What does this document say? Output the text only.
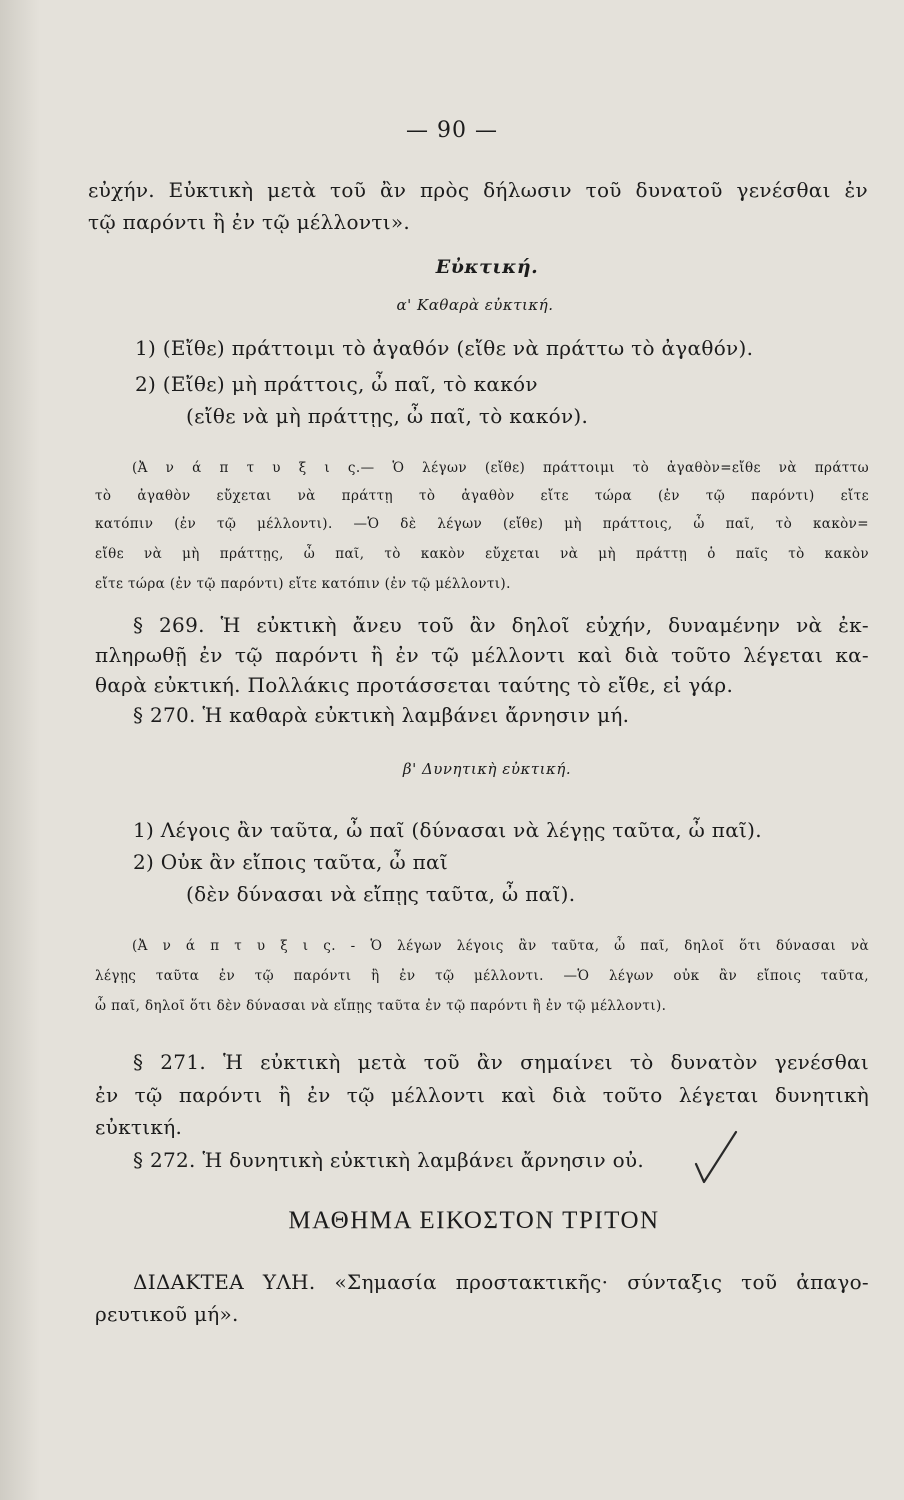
— 90 —
εὐχήν. Εὐκτικὴ μετὰ τοῦ ἂν πρὸς δήλωσιν τοῦ δυνατοῦ γενέσθαι ἐν
τῷ παρόντι ἢ ἐν τῷ μέλλοντι».
Εὐκτική.
α' Καθαρὰ εὐκτική.
1) (Εἴθε) πράττοιμι τὸ ἀγαθόν (εἴθε νὰ πράττω τὸ ἀγαθόν).
2) (Εἴθε) μὴ πράττοις, ὦ παῖ, τὸ κακόν
(εἴθε νὰ μὴ πράττῃς, ὦ παῖ, τὸ κακόν).
(Ἀ ν ά π τ υ ξ ι ς.— Ὁ λέγων (εἴθε) πράττοιμι τὸ ἀγαθὸν=εἴθε νὰ πράττω
τὸ ἀγαθὸν εὔχεται νὰ πράττῃ τὸ ἀγαθὸν εἴτε τώρα (ἐν τῷ παρόντι) εἴτε
κατόπιν (ἐν τῷ μέλλοντι). —Ὁ δὲ λέγων (εἴθε) μὴ πράττοις, ὦ παῖ, τὸ κακὸν=
εἴθε νὰ μὴ πράττῃς, ὦ παῖ, τὸ κακὸν εὔχεται νὰ μὴ πράττῃ ὁ παῖς τὸ κακὸν
εἴτε τώρα (ἐν τῷ παρόντι) εἴτε κατόπιν (ἐν τῷ μέλλοντι).
§ 269. Ἡ εὐκτικὴ ἄνευ τοῦ ἂν δηλοῖ εὐχήν, δυναμένην νὰ ἐκ-
πληρωθῇ ἐν τῷ παρόντι ἢ ἐν τῷ μέλλοντι καὶ διὰ τοῦτο λέγεται κα-
θαρὰ εὐκτική. Πολλάκις προτάσσεται ταύτης τὸ εἴθε, εἰ γάρ.
§ 270. Ἡ καθαρὰ εὐκτικὴ λαμβάνει ἄρνησιν μή.
β' Δυνητικὴ εὐκτική.
1) Λέγοις ἂν ταῦτα, ὦ παῖ (δύνασαι νὰ λέγῃς ταῦτα, ὦ παῖ).
2) Οὐκ ἂν εἴποις ταῦτα, ὦ παῖ
(δὲν δύνασαι νὰ εἴπῃς ταῦτα, ὦ παῖ).
(Ἀ ν ά π τ υ ξ ι ς. - Ὁ λέγων λέγοις ἂν ταῦτα, ὦ παῖ, δηλοῖ ὅτι δύνασαι νὰ
λέγῃς ταῦτα ἐν τῷ παρόντι ἢ ἐν τῷ μέλλοντι. —Ὁ λέγων οὐκ ἂν εἴποις ταῦτα,
ὦ παῖ, δηλοῖ ὅτι δὲν δύνασαι νὰ εἴπῃς ταῦτα ἐν τῷ παρόντι ἢ ἐν τῷ μέλλοντι).
§ 271. Ἡ εὐκτικὴ μετὰ τοῦ ἂν σημαίνει τὸ δυνατὸν γενέσθαι
ἐν τῷ παρόντι ἢ ἐν τῷ μέλλοντι καὶ διὰ τοῦτο λέγεται δυνητικὴ
εὐκτική.
§ 272. Ἡ δυνητικὴ εὐκτικὴ λαμβάνει ἄρνησιν οὐ.
ΜΑΘΗΜΑ ΕΙΚΟΣΤΟΝ ΤΡΙΤΟΝ
ΔΙΔΑΚΤΕΑ ΥΛΗ. «Σημασία προστακτικῆς· σύνταξις τοῦ ἀπαγο-
ρευτικοῦ μή».
